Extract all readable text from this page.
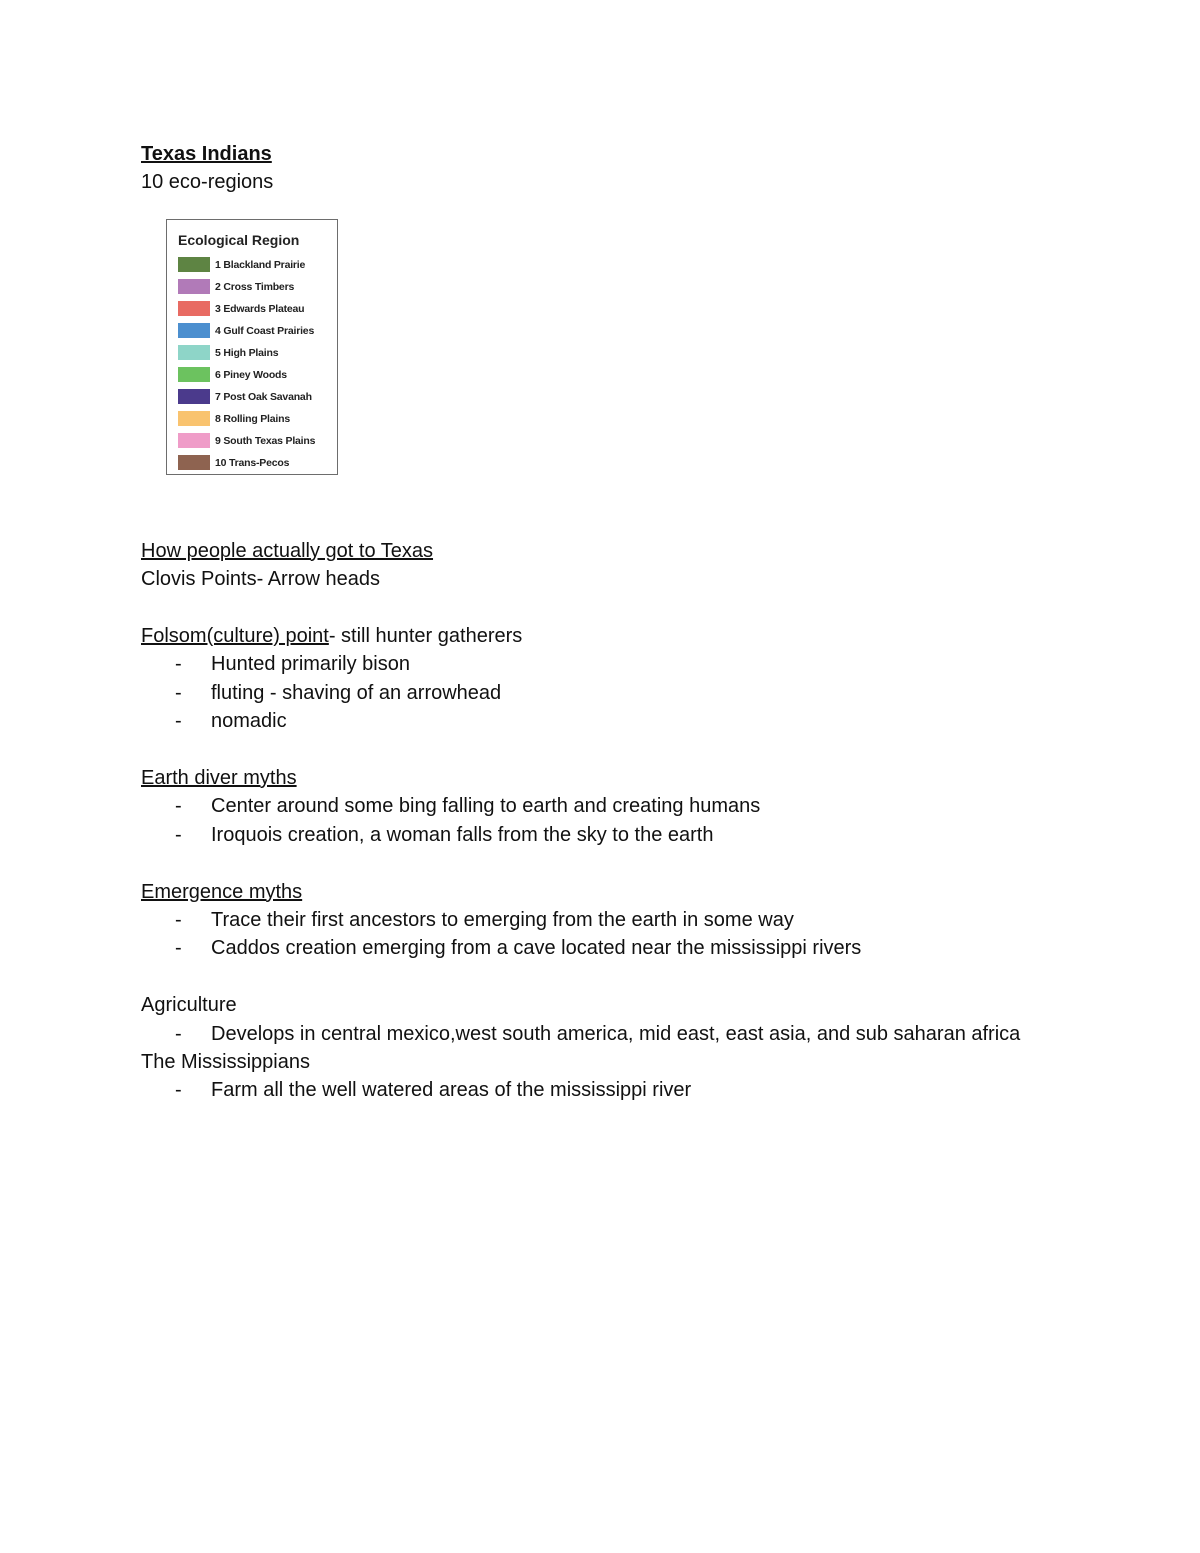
Texas Indians
10 eco-regions
Ecological Region
1 Blackland Prairie
2 Cross Timbers
3 Edwards Plateau
4 Gulf Coast Prairies
5 High Plains
6 Piney Woods
7 Post Oak Savanah
8 Rolling Plains
9 South Texas Plains
10 Trans-Pecos
How people actually got to Texas
Clovis Points- Arrow heads
Folsom(culture) point- still hunter gatherers
- Hunted primarily bison
- fluting - shaving of an arrowhead
- nomadic
Earth diver myths
- Center around some bing falling to earth and creating humans
- Iroquois creation, a woman falls from the sky to the earth
Emergence myths
- Trace their first ancestors to emerging from the earth in some way
- Caddos creation emerging from a cave located near the mississippi rivers
Agriculture
- Develops in central mexico,west south america, mid east, east asia, and sub saharan africa
The Mississippians
- Farm all the well watered areas of the mississippi river
